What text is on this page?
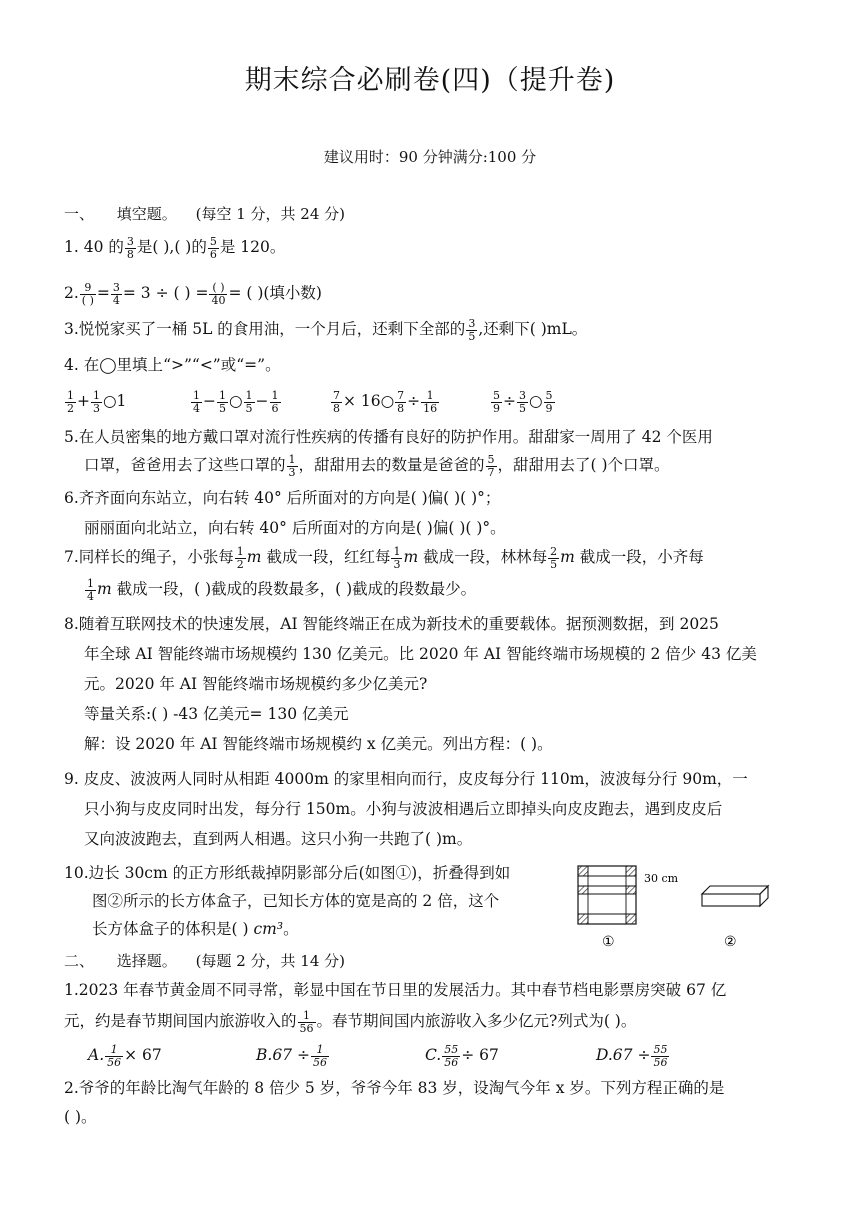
期末综合必刷卷(四)（提升卷)
建议用时：90 分钟满分:100 分
一、 填空题。 (每空 1 分，共 24 分)
1. 40 的 $\frac{3}{8}$ 是( ),( )的 $\frac{5}{6}$ 是 120。
2. $\frac{9}{( )} = \frac{3}{4} = 3$ ÷ ( ) = $\frac{( )}{40}$ = ( )(填小数)
3.悦悦家买了一桶 5L 的食用油，一个月后，还剩下全部的 $\frac{3}{5}$ ,还剩下( )mL。
4. 在◯里填上“>”“<”或“=”。
$\frac{1}{2} + \frac{1}{3}$ ○1	$\frac{1}{4} - \frac{1}{5}$ ○ $\frac{1}{5} - \frac{1}{6}$	$\frac{7}{8}$ × 16○ $\frac{7}{8} \div \frac{1}{16}$	$\frac{5}{9} \div \frac{3}{5}$ ○ $\frac{5}{9}$
5.在人员密集的地方戴口罩对流行性疾病的传播有良好的防护作用。甜甜家一周用了 42 个医用
口罩，爸爸用去了这些口罩的 $\frac{1}{3}$ ，甜甜用去的数量是爸爸的 $\frac{5}{7}$ ，甜甜用去了( )个口罩。
6.齐齐面向东站立，向右转 40° 后所面对的方向是( )偏( )( )°；
丽丽面向北站立，向右转 40° 后所面对的方向是( )偏( )( )°。
7.同样长的绳子，小张每 $\frac{1}{2}$ m 截成一段，红红每 $\frac{1}{3}$ m 截成一段，林林每 $\frac{2}{5}$ m 截成一段，小齐每
$\frac{1}{4}$ m 截成一段，( )截成的段数最多，( )截成的段数最少。
8.随着互联网技术的快速发展，AI 智能终端正在成为新技术的重要载体。据预测数据，到 2025
年全球 AI 智能终端市场规模约 130 亿美元。比 2020 年 AI 智能终端市场规模的 2 倍少 43 亿美
元。2020 年 AI 智能终端市场规模约多少亿美元?
等量关系:( ) -43 亿美元= 130 亿美元
解：设 2020 年 AI 智能终端市场规模约 x 亿美元。列出方程：( )。
9. 皮皮、波波两人同时从相距 4000m 的家里相向而行，皮皮每分行 110m，波波每分行 90m，一
只小狗与皮皮同时出发，每分行 150m。小狗与波波相遇后立即掉头向皮皮跑去，遇到皮皮后
又向波波跑去，直到两人相遇。这只小狗一共跑了( )m。
10.边长 30cm 的正方形纸裁掉阴影部分后(如图①)，折叠得到如
图②所示的长方体盒子，已知长方体的宽是高的 2 倍，这个
长方体盒子的体积是( ) cm³。
30 cm
①	②
二、 选择题。 (每题 2 分，共 14 分)
1.2023 年春节黄金周不同寻常，彰显中国在节日里的发展活力。其中春节档电影票房突破 67 亿
元，约是春节期间国内旅游收入的 $\frac{1}{56}$ 。春节期间国内旅游收入多少亿元?列式为( )。
A. $\frac{1}{56} \times 67$	$B.67 \div \frac{1}{56}$	C. $\frac{55}{56} \div 67$	$D.67 \div \frac{55}{56}$
2.爷爷的年龄比淘气年龄的 8 倍少 5 岁，爷爷今年 83 岁，设淘气今年 x 岁。下列方程正确的是
( )。
